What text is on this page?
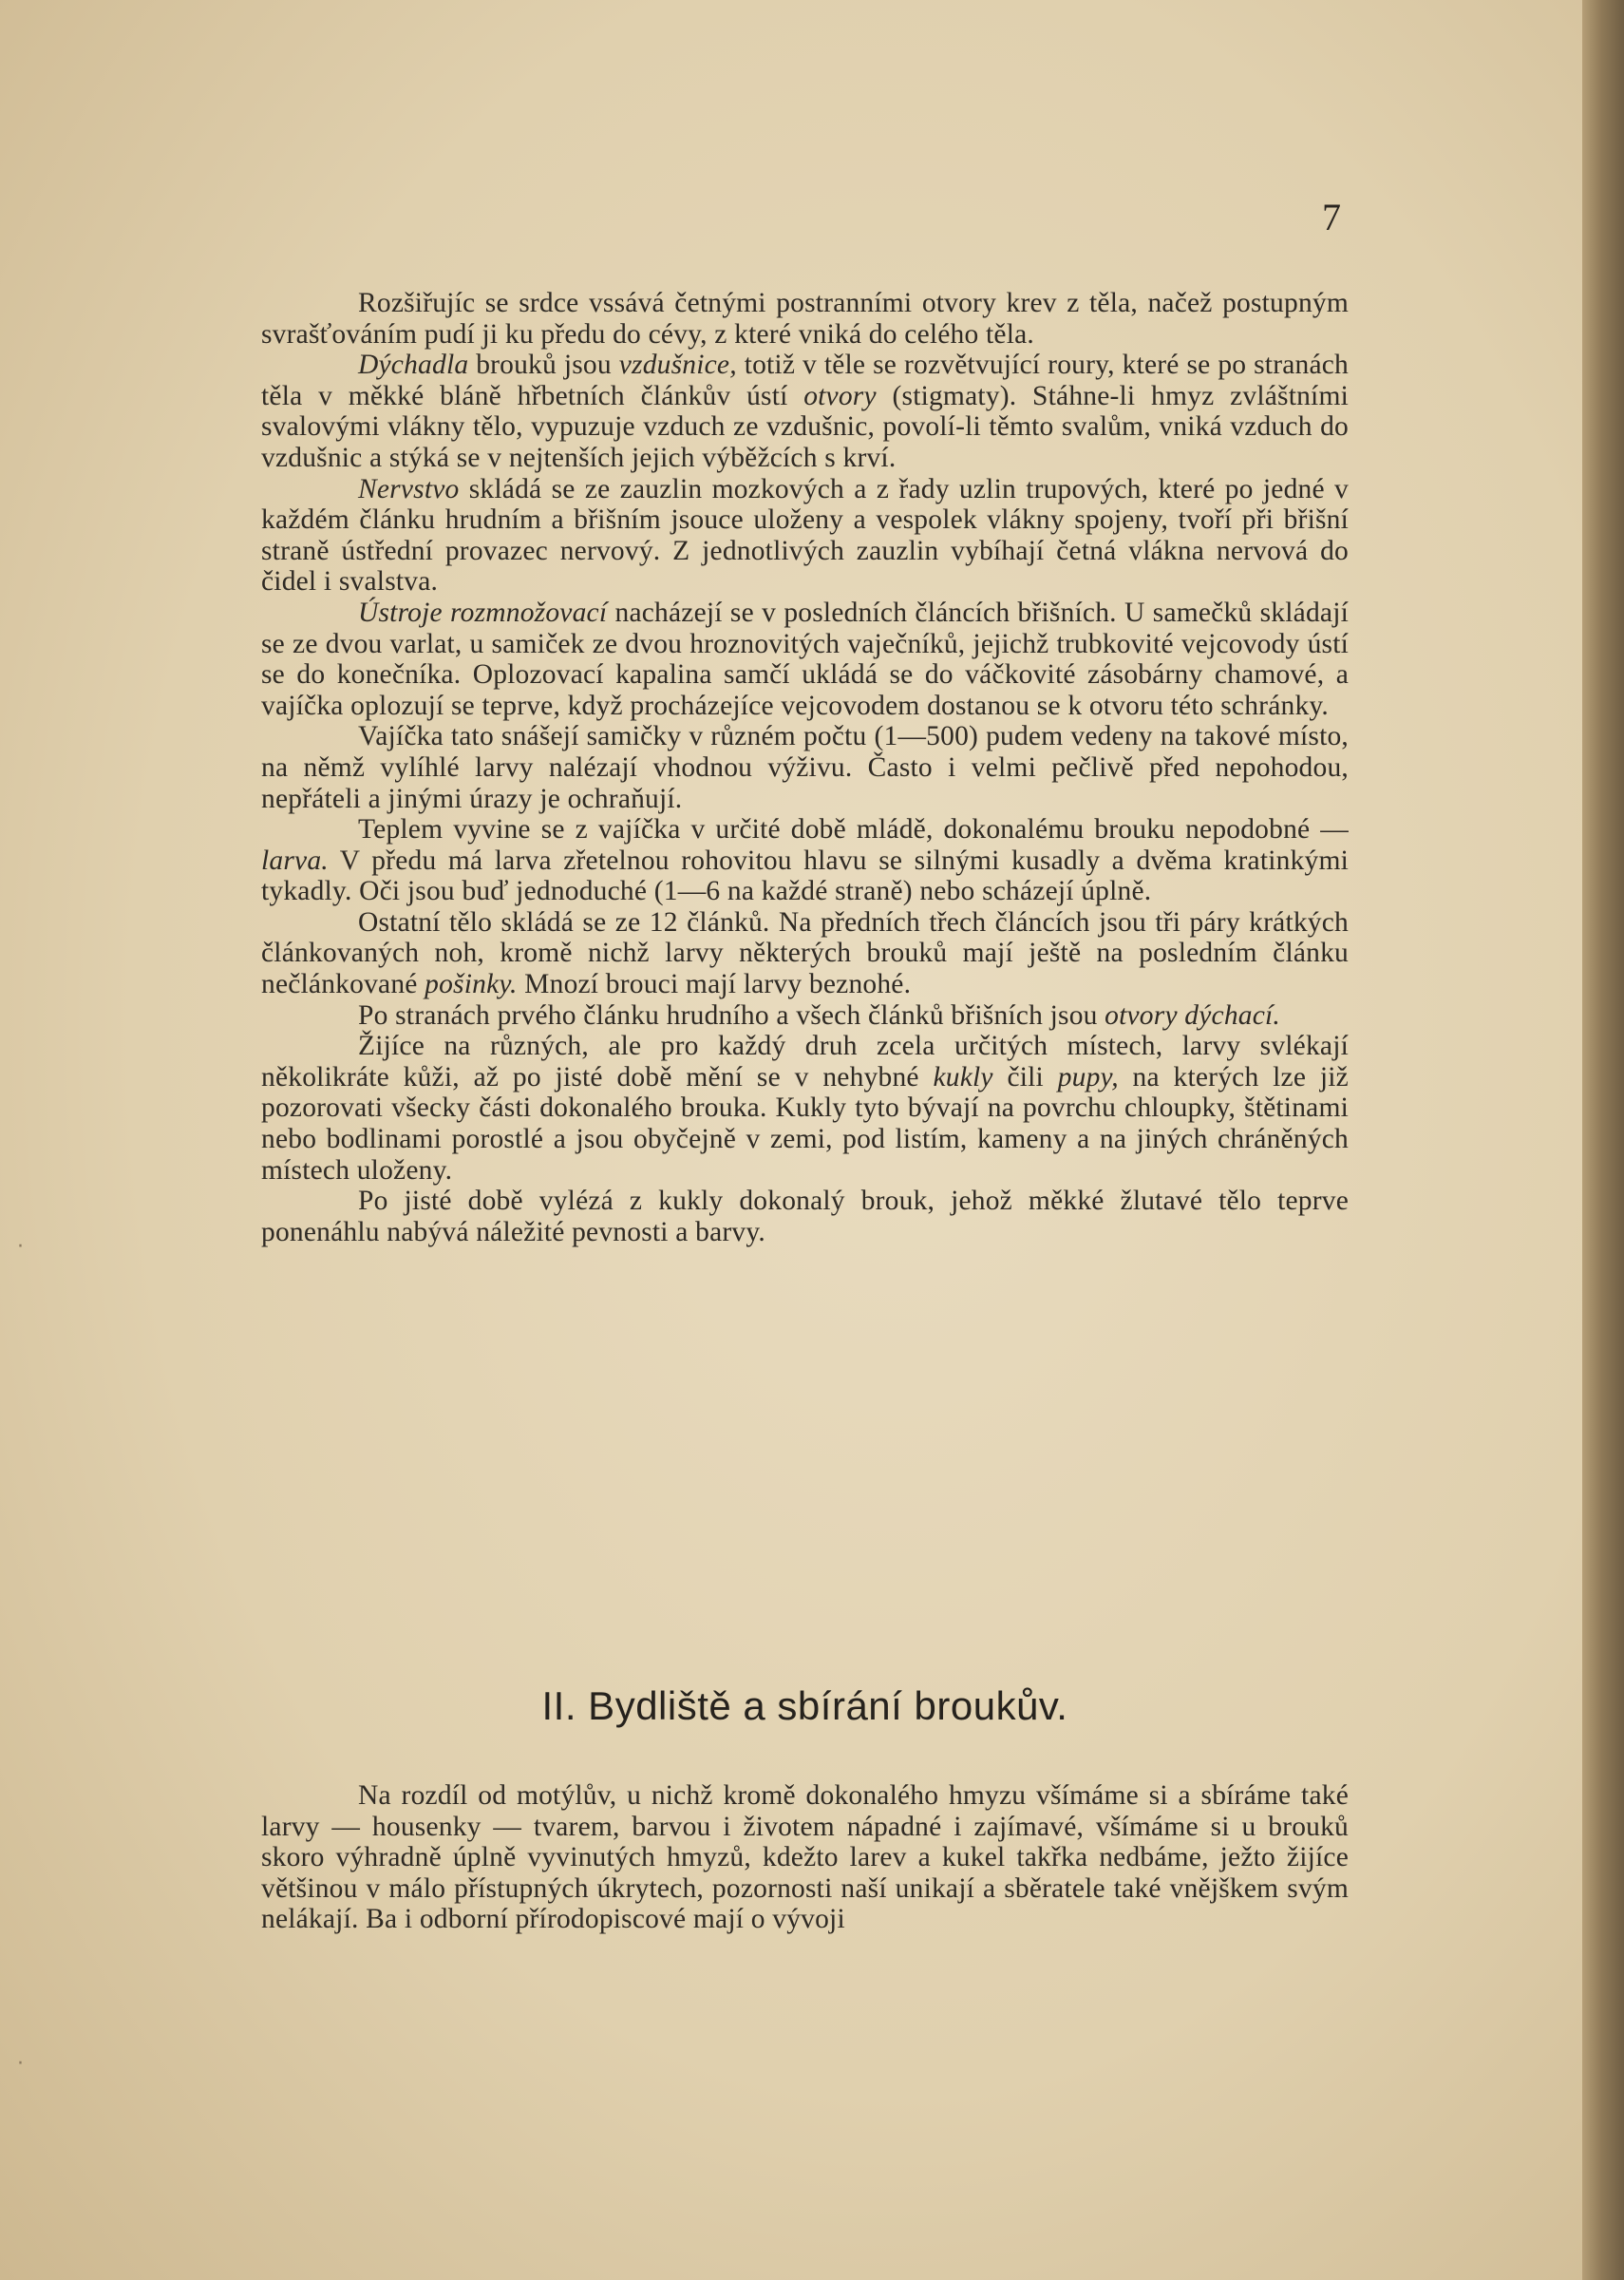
7

Rozšiřujíc se srdce vssává četnými postranními otvory krev z těla, načež postupným svrašťováním pudí ji ku předu do cévy, z které vniká do celého těla.

Dýchadla brouků jsou vzdušnice, totiž v těle se rozvětvující roury, které se po stranách těla v měkké bláně hřbetních článkův ústí otvory (stigmaty). Stáhne-li hmyz zvláštními svalovými vlákny tělo, vypuzuje vzduch ze vzdušnic, povolí-li těmto svalům, vniká vzduch do vzdušnic a stýká se v nejtenších jejich výběžcích s krví.

Nervstvo skládá se ze zauzlin mozkových a z řady uzlin trupových, které po jedné v každém článku hrudním a břišním jsouce uloženy a vespolek vlákny spojeny, tvoří při břišní straně ústřední provazec nervový. Z jednotlivých zauzlin vybíhají četná vlákna nervová do čidel i svalstva.

Ústroje rozmnožovací nacházejí se v posledních článcích břišních. U samečků skládají se ze dvou varlat, u samiček ze dvou hroznovitých vaječníků, jejichž trubkovité vejcovody ústí se do konečníka. Oplozovací kapalina samčí ukládá se do váčkovité zásobárny chamové, a vajíčka oplozují se teprve, když procházejíce vejcovodem dostanou se k otvoru této schránky.

Vajíčka tato snášejí samičky v různém počtu (1—500) pudem vedeny na takové místo, na němž vylíhlé larvy nalézají vhodnou výživu. Často i velmi pečlivě před nepohodou, nepřáteli a jinými úrazy je ochraňují.

Teplem vyvine se z vajíčka v určité době mládě, dokonalému brouku nepodobné — larva. V předu má larva zřetelnou rohovitou hlavu se silnými kusadly a dvěma kratinkými tykadly. Oči jsou buď jednoduché (1—6 na každé straně) nebo scházejí úplně.

Ostatní tělo skládá se ze 12 článků. Na předních třech článcích jsou tři páry krátkých článkovaných noh, kromě nichž larvy některých brouků mají ještě na posledním článku nečlánkované pošinky. Mnozí brouci mají larvy beznohé.

Po stranách prvého článku hrudního a všech článků břišních jsou otvory dýchací.

Žijíce na různých, ale pro každý druh zcela určitých místech, larvy svlékají několikráte kůži, až po jisté době mění se v nehybné kukly čili pupy, na kterých lze již pozorovati všecky části dokonalého brouka. Kukly tyto bývají na povrchu chloupky, štětinami nebo bodlinami porostlé a jsou obyčejně v zemi, pod listím, kameny a na jiných chráněných místech uloženy.

Po jisté době vylézá z kukly dokonalý brouk, jehož měkké žlutavé tělo teprve ponenáhlu nabývá náležité pevnosti a barvy.

II. Bydliště a sbírání broukův.

Na rozdíl od motýlův, u nichž kromě dokonalého hmyzu všímáme si a sbíráme také larvy — housenky — tvarem, barvou i životem nápadné i zajímavé, všímáme si u brouků skoro výhradně úplně vyvinutých hmyzů, kdežto larev a kukel takřka nedbáme, ježto žijíce většinou v málo přístupných úkrytech, pozornosti naší unikají a sběratele také vnějškem svým nelákají. Ba i odborní přírodopiscové mají o vývoji

·
·
